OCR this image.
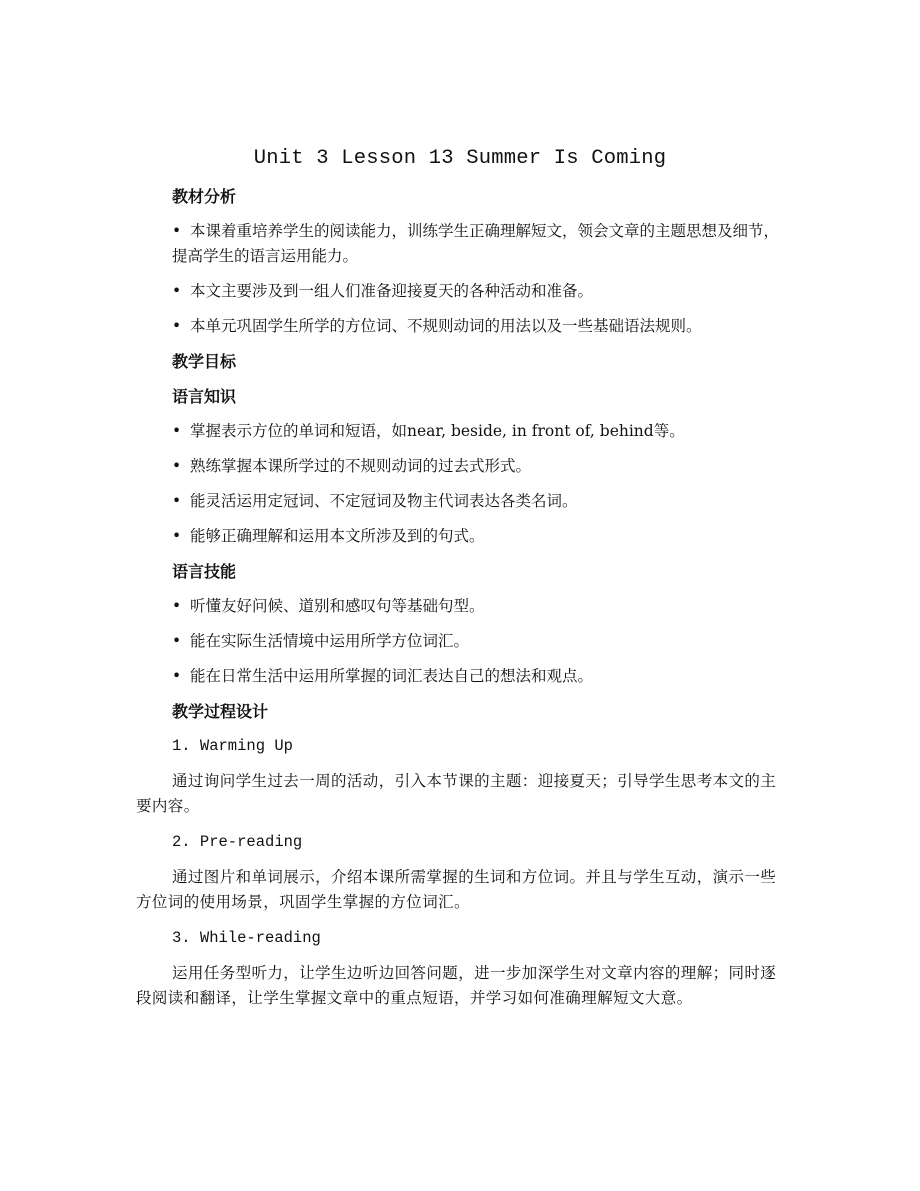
Unit 3 Lesson 13 Summer Is Coming
教材分析
• 本课着重培养学生的阅读能力，训练学生正确理解短文，领会文章的主题思想及细节，提高学生的语言运用能力。
• 本文主要涉及到一组人们准备迎接夏天的各种活动和准备。
• 本单元巩固学生所学的方位词、不规则动词的用法以及一些基础语法规则。
教学目标
语言知识
• 掌握表示方位的单词和短语，如near, beside, in front of, behind等。
• 熟练掌握本课所学过的不规则动词的过去式形式。
• 能灵活运用定冠词、不定冠词及物主代词表达各类名词。
• 能够正确理解和运用本文所涉及到的句式。
语言技能
• 听懂友好问候、道别和感叹句等基础句型。
• 能在实际生活情境中运用所学方位词汇。
• 能在日常生活中运用所掌握的词汇表达自己的想法和观点。
教学过程设计
1. Warming Up
通过询问学生过去一周的活动，引入本节课的主题：迎接夏天；引导学生思考本文的主要内容。
2. Pre-reading
通过图片和单词展示，介绍本课所需掌握的生词和方位词。并且与学生互动，演示一些方位词的使用场景，巩固学生掌握的方位词汇。
3. While-reading
运用任务型听力，让学生边听边回答问题，进一步加深学生对文章内容的理解；同时逐段阅读和翻译，让学生掌握文章中的重点短语，并学习如何准确理解短文大意。
